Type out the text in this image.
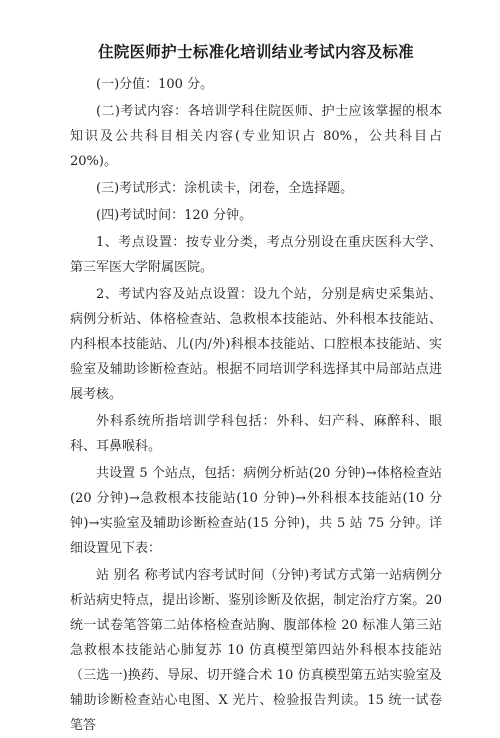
住院医师护士标准化培训结业考试内容及标准

(一)分值：100 分。

(二)考试内容：各培训学科住院医师、护士应该掌握的根本知识及公共科目相关内容(专业知识占 80%，公共科目占 20%)。

(三)考试形式：涂机读卡，闭卷，全选择题。

(四)考试时间：120 分钟。

1、考点设置：按专业分类，考点分别设在重庆医科大学、第三军医大学附属医院。

2、考试内容及站点设置：设九个站，分别是病史采集站、病例分析站、体格检查站、急救根本技能站、外科根本技能站、内科根本技能站、儿(内/外)科根本技能站、口腔根本技能站、实验室及辅助诊断检查站。根据不同培训学科选择其中局部站点进展考核。

外科系统所指培训学科包括：外科、妇产科、麻醉科、眼科、耳鼻喉科。

共设置 5 个站点，包括：病例分析站(20 分钟)→体格检查站(20 分钟)→急救根本技能站(10 分钟)→外科根本技能站(10 分钟)→实验室及辅助诊断检查站(15 分钟)，共 5 站 75 分钟。详细设置见下表：

站 别名 称考试内容考试时间（分钟)考试方式第一站病例分析站病史特点，提出诊断、鉴别诊断及依据，制定治疗方案。20 统一试卷笔答第二站体格检查站胸、腹部体检 20 标准人第三站急救根本技能站心肺复苏 10 仿真模型第四站外科根本技能站（三选一)换药、导尿、切开缝合术 10 仿真模型第五站实验室及辅助诊断检查站心电图、X 光片、检验报告判读。15 统一试卷笔答
